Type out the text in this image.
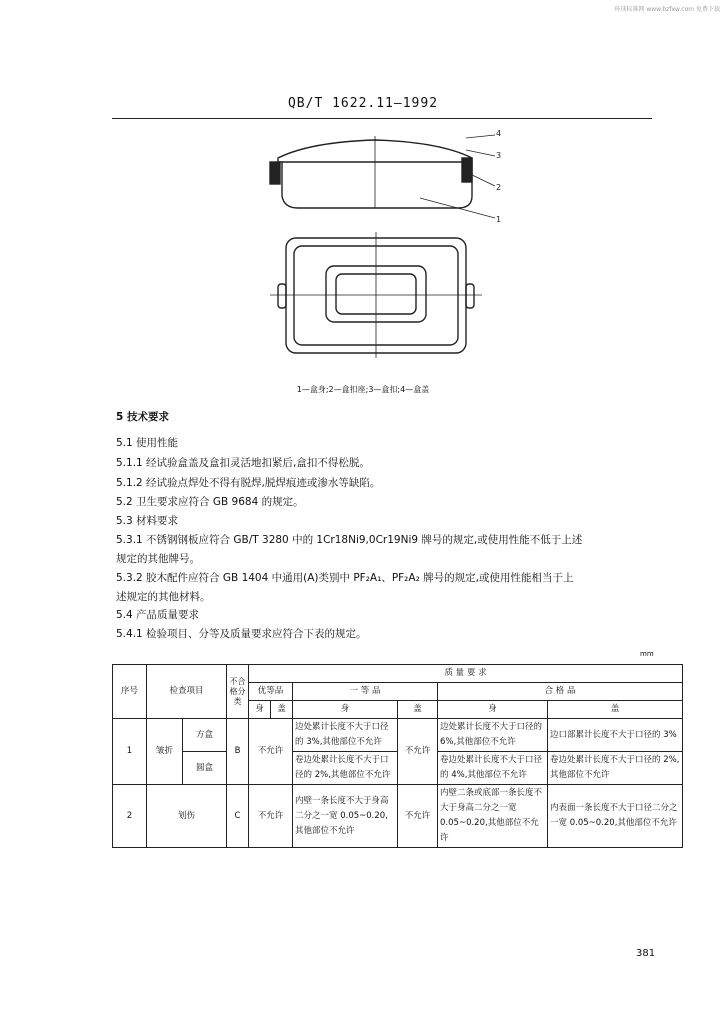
环球标准网 www.bzfxw.com 免费下载
QB/T 1622.11—1992
4
3
2
1
1—盒身;2—盒扣座;3—盒扣;4—盒盖
5 技术要求
5.1 使用性能
5.1.1 经试验盒盖及盒扣灵活地扣紧后,盒扣不得松脱。
5.1.2 经试验点焊处不得有脱焊,脱焊痕迹或渗水等缺陷。
5.2 卫生要求应符合 GB 9684 的规定。
5.3 材料要求
5.3.1 不锈钢钢板应符合 GB/T 3280 中的 1Cr18Ni9,0Cr19Ni9 牌号的规定,或使用性能不低于上述
规定的其他牌号。
5.3.2 胶木配件应符合 GB 1404 中通用(A)类别中 PF₂A₁、PF₂A₂ 牌号的规定,或使用性能相当于上
述规定的其他材料。
5.4 产品质量要求
5.4.1 检验项目、分等及质量要求应符合下表的规定。
mm
序号	检查项目		不合格分类	质 量 要 求					
				优等品		一 等 品		合 格 品	
				身	盖	身	盖	身	盖
1	皱折	方盒	B	不允许		边处累计长度不大于口径的 3%,其他部位不允许	不允许	边处累计长度不大于口径的 6%,其他部位不允许	边口部累计长度不大于口径的 3%
		圆盒				卷边处累计长度不大于口径的 2%,其他部位不允许		卷边处累计长度不大于口径的 4%,其他部位不允许	卷边处累计长度不大于口径的 2%,其他部位不允许
2	划伤		C	不允许		内壁一条长度不大于身高二分之一宽 0.05~0.20,其他部位不允许	不允许	内壁二条或底部一条长度不大于身高二分之一宽 0.05~0.20,其他部位不允许	内表面一条长度不大于口径二分之一宽 0.05~0.20,其他部位不允许
381
